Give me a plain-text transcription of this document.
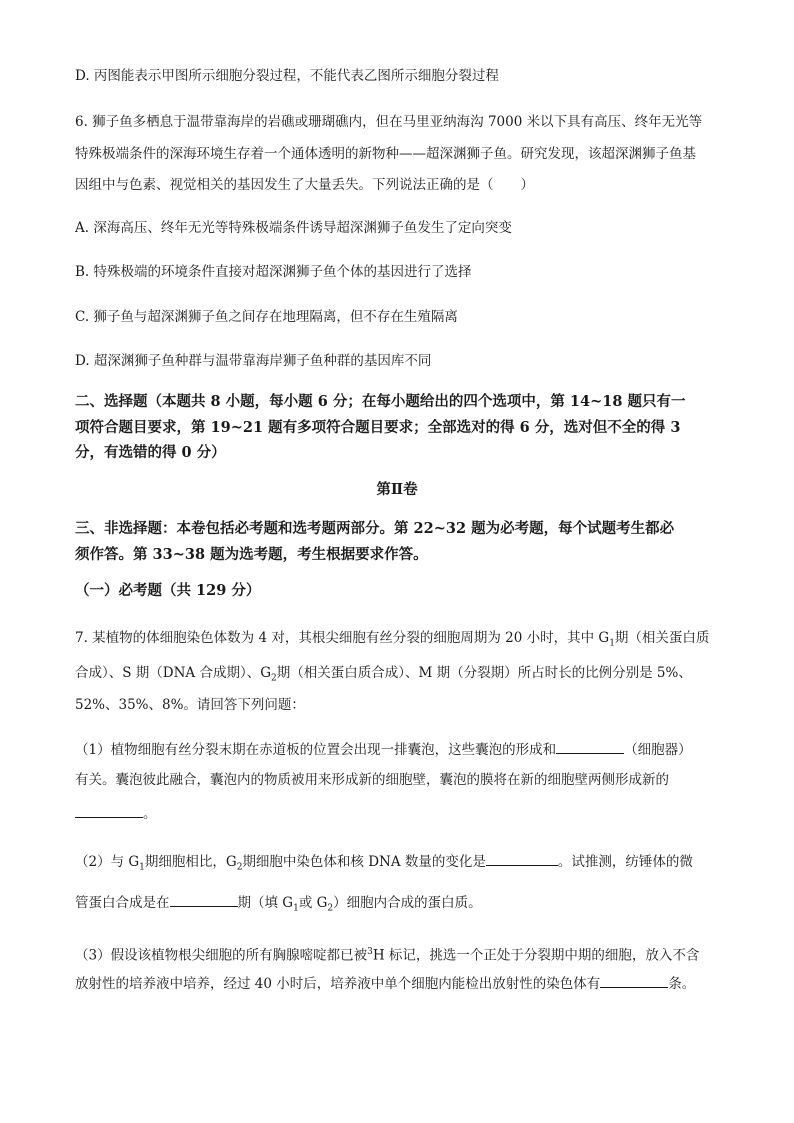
D. 丙图能表示甲图所示细胞分裂过程，不能代表乙图所示细胞分裂过程
6. 狮子鱼多栖息于温带靠海岸的岩礁或珊瑚礁内，但在马里亚纳海沟 7000 米以下具有高压、终年无光等
特殊极端条件的深海环境生存着一个通体透明的新物种——超深渊狮子鱼。研究发现，该超深渊狮子鱼基
因组中与色素、视觉相关的基因发生了大量丢失。下列说法正确的是（　　）
A. 深海高压、终年无光等特殊极端条件诱导超深渊狮子鱼发生了定向突变
B. 特殊极端的环境条件直接对超深渊狮子鱼个体的基因进行了选择
C. 狮子鱼与超深渊狮子鱼之间存在地理隔离，但不存在生殖隔离
D. 超深渊狮子鱼种群与温带靠海岸狮子鱼种群的基因库不同
二、选择题（本题共 8 小题，每小题 6 分；在每小题给出的四个选项中，第 14~18 题只有一
项符合题目要求，第 19~21 题有多项符合题目要求；全部选对的得 6 分，选对但不全的得 3
分，有选错的得 0 分）
第Ⅱ卷
三、非选择题：本卷包括必考题和选考题两部分。第 22~32 题为必考题，每个试题考生都必
须作答。第 33~38 题为选考题，考生根据要求作答。
（一）必考题（共 129 分）
7. 某植物的体细胞染色体数为 4 对，其根尖细胞有丝分裂的细胞周期为 20 小时，其中 $G_1$期（相关蛋白质
合成）、S 期（DNA 合成期）、$G_2$期（相关蛋白质合成）、M 期（分裂期）所占时长的比例分别是 5%、
52%、35%、8%。请回答下列问题：
（1）植物细胞有丝分裂末期在赤道板的位置会出现一排囊泡，这些囊泡的形成和	（细胞器）
有关。囊泡彼此融合，囊泡内的物质被用来形成新的细胞壁，囊泡的膜将在新的细胞壁两侧形成新的
。
（2）与 $G_1$期细胞相比，$G_2$期细胞中染色体和核 DNA 数量的变化是	。试推测，纺锤体的微
管蛋白合成是在	期（填 $G_1$或 $G_2$）细胞内合成的蛋白质。
（3）假设该植物根尖细胞的所有胸腺嘧啶都已被$^3$H 标记，挑选一个正处于分裂期中期的细胞，放入不含
放射性的培养液中培养，经过 40 小时后，培养液中单个细胞内能检出放射性的染色体有	条。
